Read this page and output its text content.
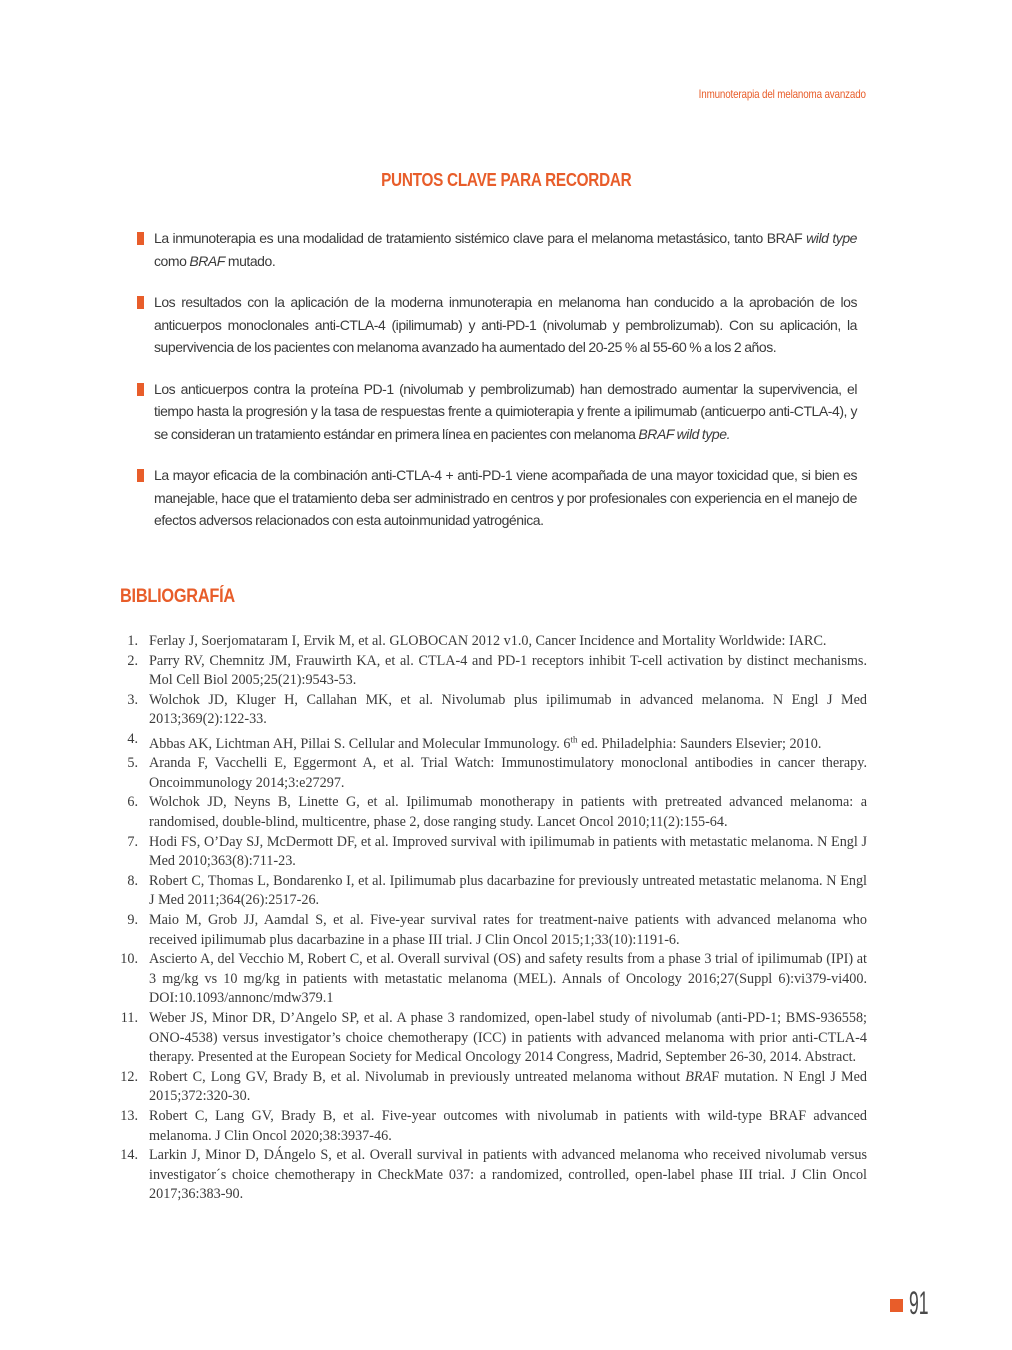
Inmunoterapia del melanoma avanzado
PUNTOS CLAVE PARA RECORDAR
La inmunoterapia es una modalidad de tratamiento sistémico clave para el melanoma metastásico, tanto BRAF wild type como BRAF mutado.
Los resultados con la aplicación de la moderna inmunoterapia en melanoma han conducido a la aprobación de los anticuerpos monoclonales anti-CTLA-4 (ipilimumab) y anti-PD-1 (nivolumab y pembrolizumab). Con su aplicación, la supervivencia de los pacientes con melanoma avanzado ha aumentado del 20-25 % al 55-60 % a los 2 años.
Los anticuerpos contra la proteína PD-1 (nivolumab y pembrolizumab) han demostrado aumentar la supervivencia, el tiempo hasta la progresión y la tasa de respuestas frente a quimioterapia y frente a ipilimumab (anticuerpo anti-CTLA-4), y se consideran un tratamiento estándar en primera línea en pacientes con melanoma BRAF wild type.
La mayor eficacia de la combinación anti-CTLA-4 + anti-PD-1 viene acompañada de una mayor toxicidad que, si bien es manejable, hace que el tratamiento deba ser administrado en centros y por profesionales con experiencia en el manejo de efectos adversos relacionados con esta autoinmunidad yatrogénica.
BIBLIOGRAFÍA
1. Ferlay J, Soerjomataram I, Ervik M, et al. GLOBOCAN 2012 v1.0, Cancer Incidence and Mortality Worldwide: IARC.
2. Parry RV, Chemnitz JM, Frauwirth KA, et al. CTLA-4 and PD-1 receptors inhibit T-cell activation by distinct mechanisms. Mol Cell Biol 2005;25(21):9543-53.
3. Wolchok JD, Kluger H, Callahan MK, et al. Nivolumab plus ipilimumab in advanced melanoma. N Engl J Med 2013;369(2):122-33.
4. Abbas AK, Lichtman AH, Pillai S. Cellular and Molecular Immunology. 6th ed. Philadelphia: Saunders Elsevier; 2010.
5. Aranda F, Vacchelli E, Eggermont A, et al. Trial Watch: Immunostimulatory monoclonal antibodies in cancer therapy. Oncoimmunology 2014;3:e27297.
6. Wolchok JD, Neyns B, Linette G, et al. Ipilimumab monotherapy in patients with pretreated advanced melanoma: a randomised, double-blind, multicentre, phase 2, dose ranging study. Lancet Oncol 2010;11(2):155-64.
7. Hodi FS, O’Day SJ, McDermott DF, et al. Improved survival with ipilimumab in patients with metastatic melanoma. N Engl J Med 2010;363(8):711-23.
8. Robert C, Thomas L, Bondarenko I, et al. Ipilimumab plus dacarbazine for previously untreated metastatic melanoma. N Engl J Med 2011;364(26):2517-26.
9. Maio M, Grob JJ, Aamdal S, et al. Five-year survival rates for treatment-naive patients with advanced melanoma who received ipilimumab plus dacarbazine in a phase III trial. J Clin Oncol 2015;1;33(10):1191-6.
10. Ascierto A, del Vecchio M, Robert C, et al. Overall survival (OS) and safety results from a phase 3 trial of ipilimumab (IPI) at 3 mg/kg vs 10 mg/kg in patients with metastatic melanoma (MEL). Annals of Oncology 2016;27(Suppl 6):vi379-vi400. DOI:10.1093/annonc/mdw379.1
11. Weber JS, Minor DR, D’Angelo SP, et al. A phase 3 randomized, open-label study of nivolumab (anti-PD-1; BMS-936558; ONO-4538) versus investigator’s choice chemotherapy (ICC) in patients with advanced melanoma with prior anti-CTLA-4 therapy. Presented at the European Society for Medical Oncology 2014 Congress, Madrid, September 26-30, 2014. Abstract.
12. Robert C, Long GV, Brady B, et al. Nivolumab in previously untreated melanoma without BRAF mutation. N Engl J Med 2015;372:320-30.
13. Robert C, Lang GV, Brady B, et al. Five-year outcomes with nivolumab in patients with wild-type BRAF advanced melanoma. J Clin Oncol 2020;38:3937-46.
14. Larkin J, Minor D, DÁngelo S, et al. Overall survival in patients with advanced melanoma who received nivolumab versus investigator´s choice chemotherapy in CheckMate 037: a randomized, controlled, open-label phase III trial. J Clin Oncol 2017;36:383-90.
91
